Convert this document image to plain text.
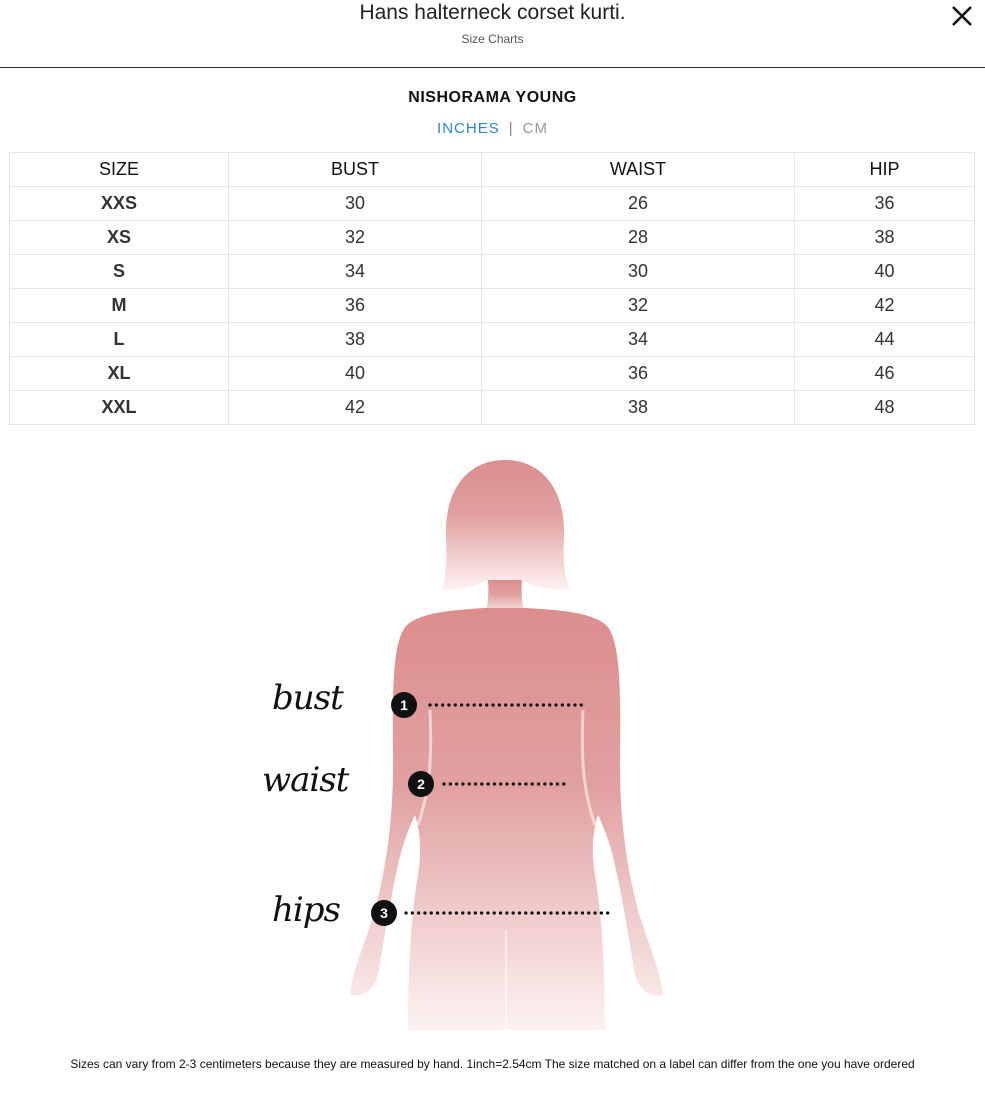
Hans halterneck corset kurti.
Size Charts
NISHORAMA YOUNG
INCHES | CM
SIZE	BUST	WAIST	HIP
XXS	30	26	36
XS	32	28	38
S	34	30	40
M	36	32	42
L	38	34	44
XL	40	36	46
XXL	42	38	48
1
2
3
bust
waist
hips
Sizes can vary from 2-3 centimeters because they are measured by hand. 1inch=2.54cm The size matched on a label can differ from the one you have ordered
